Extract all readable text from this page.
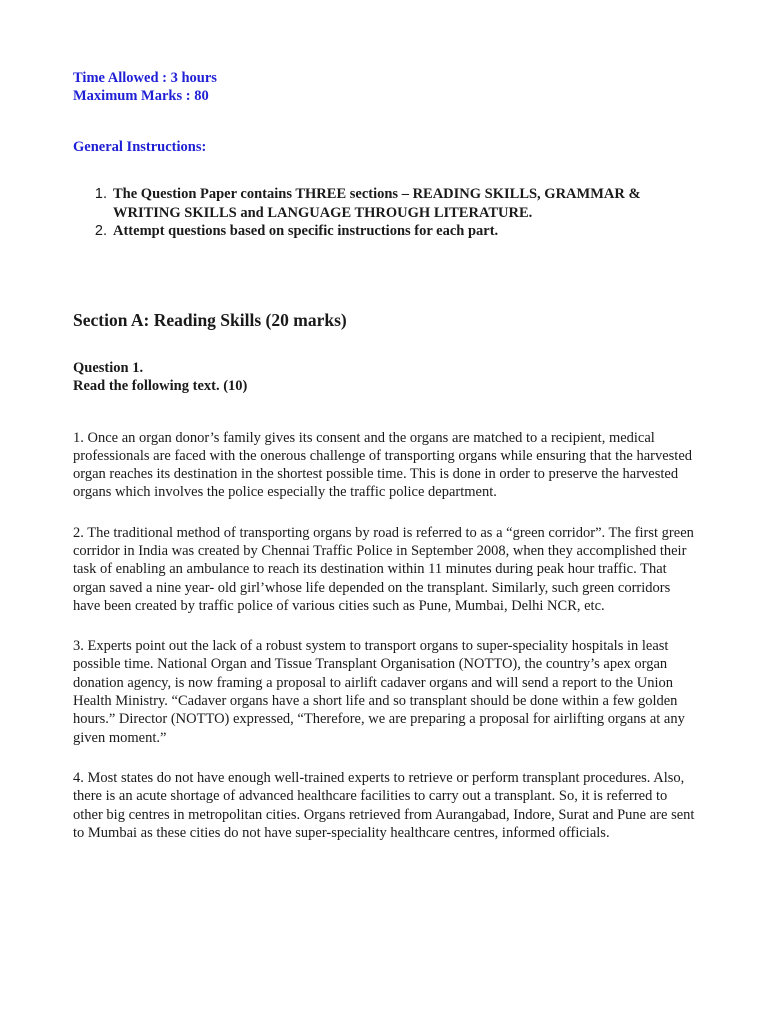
Time Allowed : 3 hours

Maximum Marks : 80

General Instructions:

1. The Question Paper contains THREE sections – READING SKILLS, GRAMMAR & WRITING SKILLS and LANGUAGE THROUGH LITERATURE.
2. Attempt questions based on specific instructions for each part.
Section A: Reading Skills (20 marks)

Question 1.

Read the following text. (10)

1. Once an organ donor’s family gives its consent and the organs are matched to a recipient, medical professionals are faced with the onerous challenge of transporting organs while ensuring that the harvested organ reaches its destination in the shortest possible time. This is done in order to preserve the harvested organs which involves the police especially the traffic police department.

2. The traditional method of transporting organs by road is referred to as a “green corridor”. The first green corridor in India was created by Chennai Traffic Police in September 2008, when they accomplished their task of enabling an ambulance to reach its destination within 11 minutes during peak hour traffic. That organ saved a nine year- old girl’whose life depended on the transplant. Similarly, such green corridors have been created by traffic police of various cities such as Pune, Mumbai, Delhi NCR, etc.

3. Experts point out the lack of a robust system to transport organs to super-speciality hospitals in least possible time. National Organ and Tissue Transplant Organisation (NOTTO), the country’s apex organ donation agency, is now framing a proposal to airlift cadaver organs and will send a report to the Union Health Ministry. “Cadaver organs have a short life and so transplant should be done within a few golden hours.” Director (NOTTO) expressed, “Therefore, we are preparing a proposal for airlifting organs at any given moment.”

4. Most states do not have enough well-trained experts to retrieve or perform transplant procedures. Also, there is an acute shortage of advanced healthcare facilities to carry out a transplant. So, it is referred to other big centres in metropolitan cities. Organs retrieved from Aurangabad, Indore, Surat and Pune are sent to Mumbai as these cities do not have super-speciality healthcare centres, informed officials.
